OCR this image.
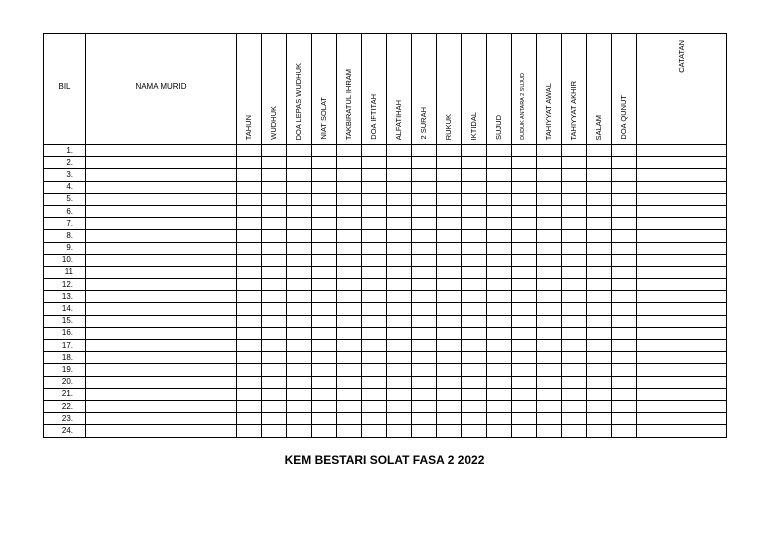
BIL	NAMA MURID	TAHUN	WUDHUK	DOA LEPAS WUDHUK	NIAT SOLAT	TAKBIRATUL IHRAM	DOA IFTITAH	ALFATIHAH	2 SURAH	RUKUK	IKTIDAL	SUJUD	DUDUK ANTARA 2 SUJUD	TAHIYYAT AWAL	TAHIYYAT AKHIR	SALAM	DOA QUNUT	CATATAN

1.																		
2.																		
3.																		
4.																		
5.																		
6.																		
7.																		
8.																		
9.																		
10.																		
11																		
12.																		
13.																		
14.																		
15.																		
16.																		
17.																		
18.																		
19.																		
20.																		
21.																		
22.																		
23.																		
24.																		
KEM BESTARI SOLAT FASA 2 2022
